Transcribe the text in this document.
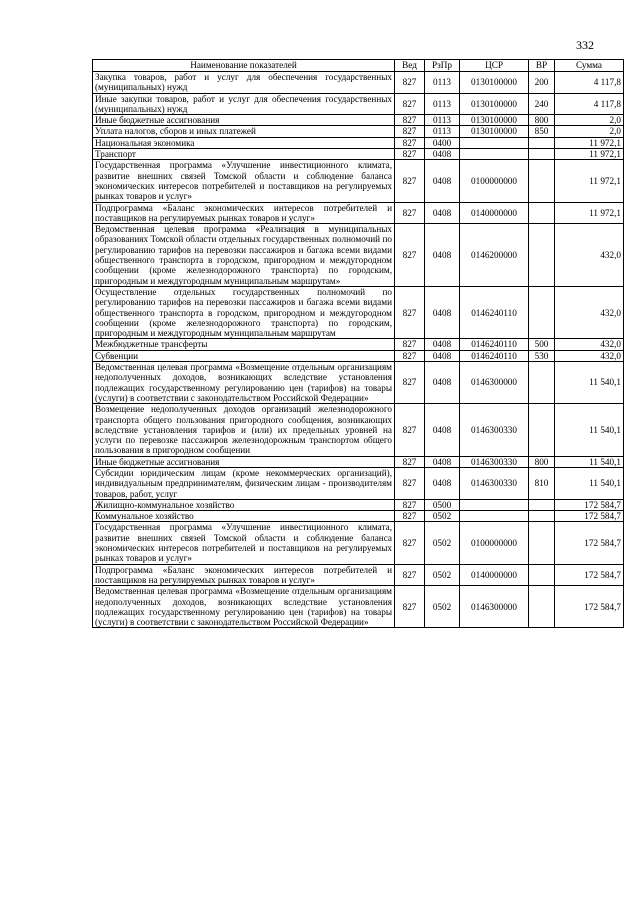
332
Наименование показателей	Вед	РзПр	ЦСР	ВР	Сумма
Закупка товаров, работ и услуг для обеспечения государственных (муниципальных) нужд	827	0113	0130100000	200	4 117,8
Иные закупки товаров, работ и услуг для обеспечения государственных (муниципальных) нужд	827	0113	0130100000	240	4 117,8
Иные бюджетные ассигнования	827	0113	0130100000	800	2,0
Уплата налогов, сборов и иных платежей	827	0113	0130100000	850	2,0
Национальная экономика	827	0400			11 972,1
Транспорт	827	0408			11 972,1
Государственная программа «Улучшение инвестиционного климата, развитие внешних связей Томской области и соблюдение баланса экономических интересов потребителей и поставщиков на регулируемых рынках товаров и услуг»	827	0408	0100000000		11 972,1
Подпрограмма «Баланс экономических интересов потребителей и поставщиков на регулируемых рынках товаров и услуг»	827	0408	0140000000		11 972,1
Ведомственная целевая программа «Реализация в муниципальных образованиях Томской области отдельных государственных полномочий по регулированию тарифов на перевозки пассажиров и багажа всеми видами общественного транспорта в городском, пригородном и междугородном сообщении (кроме железнодорожного транспорта) по городским, пригородным и междугородным муниципальным маршрутам»	827	0408	0146200000		432,0
Осуществление отдельных государственных полномочий по регулированию тарифов на перевозки пассажиров и багажа всеми видами общественного транспорта в городском, пригородном и междугородном сообщении (кроме железнодорожного транспорта) по городским, пригородным и междугородным муниципальным маршрутам	827	0408	0146240110		432,0
Межбюджетные трансферты	827	0408	0146240110	500	432,0
Субвенции	827	0408	0146240110	530	432,0
Ведомственная целевая программа «Возмещение отдельным организациям недополученных доходов, возникающих вследствие установления подлежащих государственному регулированию цен (тарифов) на товары (услуги) в соответствии с законодательством Российской Федерации»	827	0408	0146300000		11 540,1
Возмещение недополученных доходов организаций железнодорожного транспорта общего пользования пригородного сообщения, возникающих вследствие установления тарифов и (или) их предельных уровней на услуги по перевозке пассажиров железнодорожным транспортом общего пользования в пригородном сообщении	827	0408	0146300330		11 540,1
Иные бюджетные ассигнования	827	0408	0146300330	800	11 540,1
Субсидии юридическим лицам (кроме некоммерческих организаций), индивидуальным предпринимателям, физическим лицам - производителям товаров, работ, услуг	827	0408	0146300330	810	11 540,1
Жилищно-коммунальное хозяйство	827	0500			172 584,7
Коммунальное хозяйство	827	0502			172 584,7
Государственная программа «Улучшение инвестиционного климата, развитие внешних связей Томской области и соблюдение баланса экономических интересов потребителей и поставщиков на регулируемых рынках товаров и услуг»	827	0502	0100000000		172 584,7
Подпрограмма «Баланс экономических интересов потребителей и поставщиков на регулируемых рынках товаров и услуг»	827	0502	0140000000		172 584,7
Ведомственная целевая программа «Возмещение отдельным организациям недополученных доходов, возникающих вследствие установления подлежащих государственному регулированию цен (тарифов) на товары (услуги) в соответствии с законодательством Российской Федерации»	827	0502	0146300000		172 584,7
